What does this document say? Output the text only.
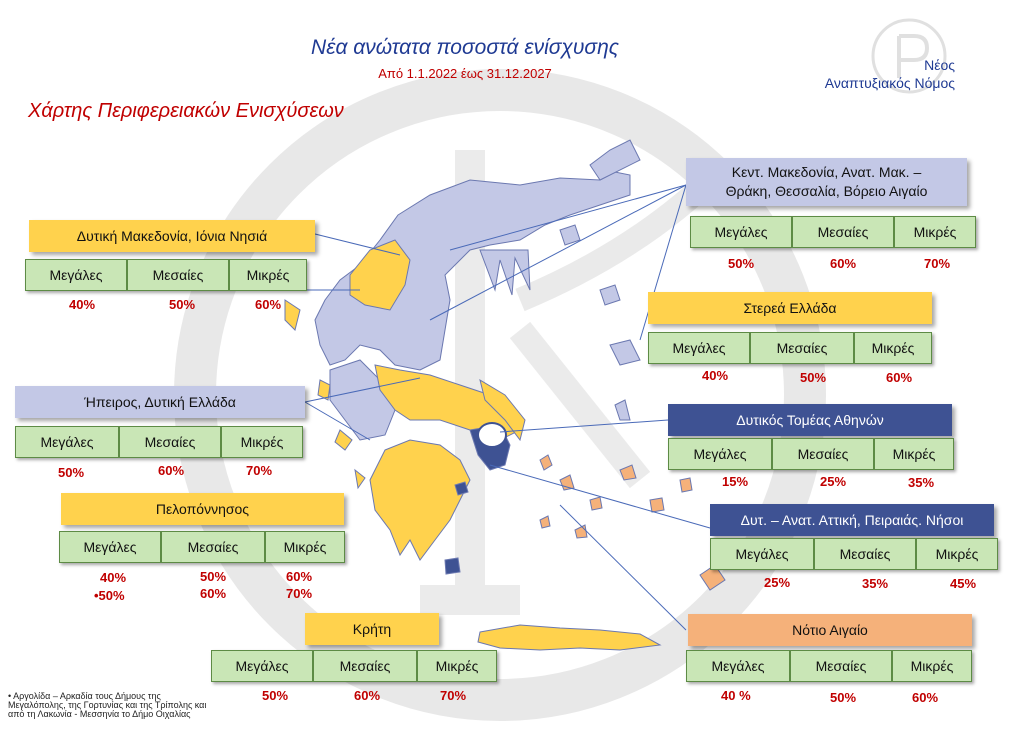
Νέα ανώτατα ποσοστά ενίσχυσης
Από 1.1.2022 έως 31.12.2027
Χάρτης Περιφερειακών Ενισχύσεων
Νέος
Αναπτυξιακός Νόμος
Δυτική Μακεδονία, Ιόνια Νησιά
Μεγάλες	Μεσαίες	Μικρές
40%	50%	60%
Κεντ. Μακεδονία, Ανατ. Μακ. –
Θράκη, Θεσσαλία, Βόρειο Αιγαίο
Μεγάλες	Μεσαίες	Μικρές
50%	60%	70%
Στερεά Ελλάδα
Μεγάλες	Μεσαίες	Μικρές
40%	50%	60%
Ήπειρος, Δυτική Ελλάδα
Μεγάλες	Μεσαίες	Μικρές
50%	60%	70%
Δυτικός Τομέας Αθηνών
Μεγάλες	Μεσαίες	Μικρές
15%	25%	35%
Πελοπόννησος
Μεγάλες	Μεσαίες	Μικρές
40%	50%	60%
•50%	60%	70%
Δυτ. – Ανατ. Αττική, Πειραιάς. Νήσοι
Μεγάλες	Μεσαίες	Μικρές
25%	35%	45%
Κρήτη
Μεγάλες	Μεσαίες	Μικρές
50%	60%	70%
Νότιο Αιγαίο
Μεγάλες	Μεσαίες	Μικρές
40 %	50%	60%
• Αργολίδα – Αρκαδία τους Δήμους της Μεγαλόπολης, της Γορτυνίας και της Τρίπολης και από τη Λακωνία - Μεσσηνία το Δήμο Οιχαλίας
